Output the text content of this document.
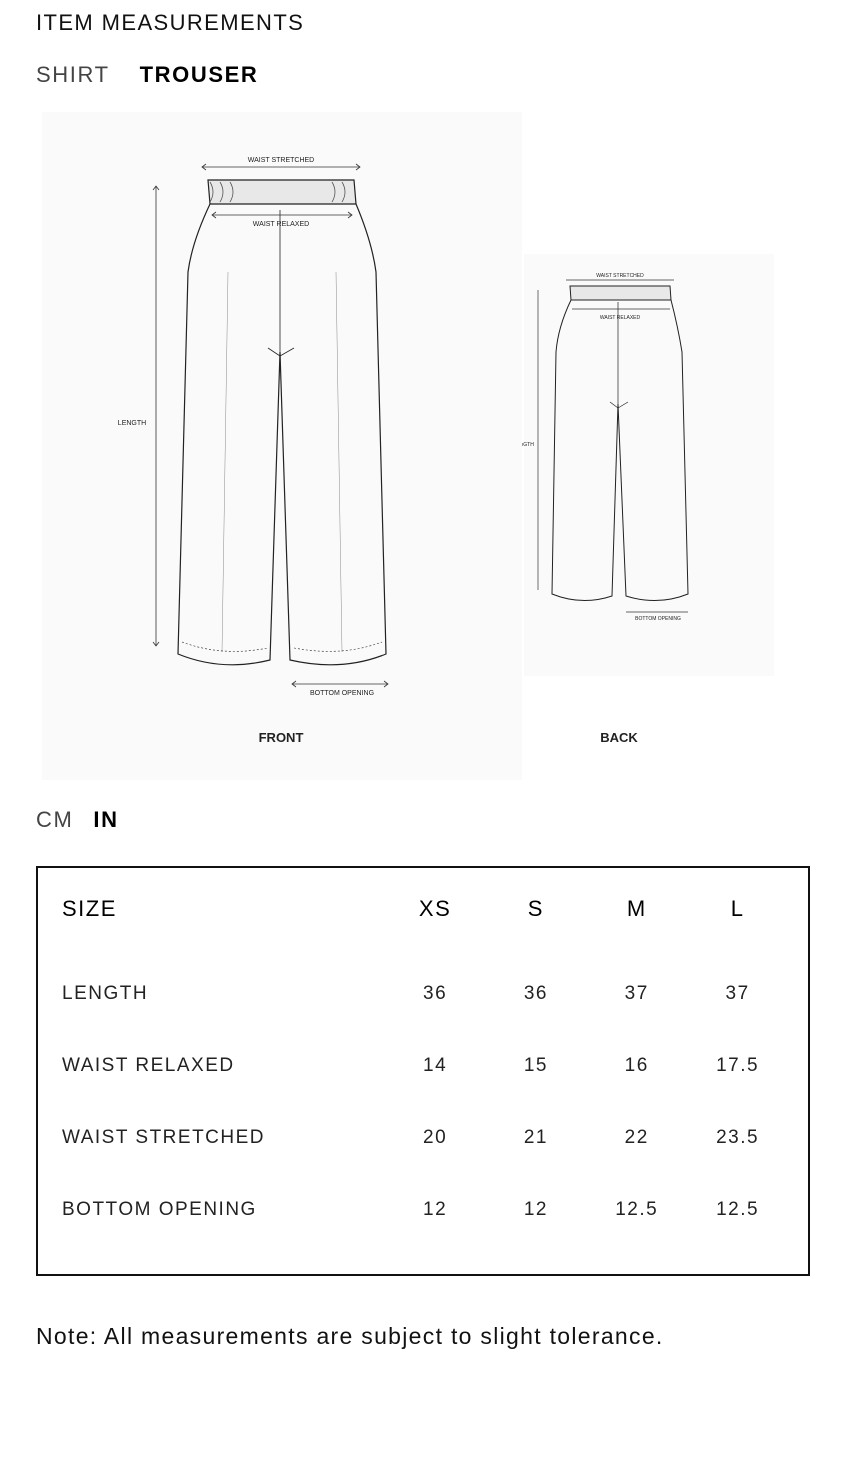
ITEM MEASUREMENTS
SHIRT TROUSER
WAIST STRETCHED
WAIST RELAXED
LENGTH
BOTTOM OPENING
FRONT
WAIST STRETCHED
WAIST RELAXED
ιGTH
BOTTOM OPENING
BACK
CM IN
SIZE	XS	S	M	L
LENGTH	36	36	37	37
WAIST RELAXED	14	15	16	17.5
WAIST STRETCHED	20	21	22	23.5
BOTTOM OPENING	12	12	12.5	12.5
Note: All measurements are subject to slight tolerance.
